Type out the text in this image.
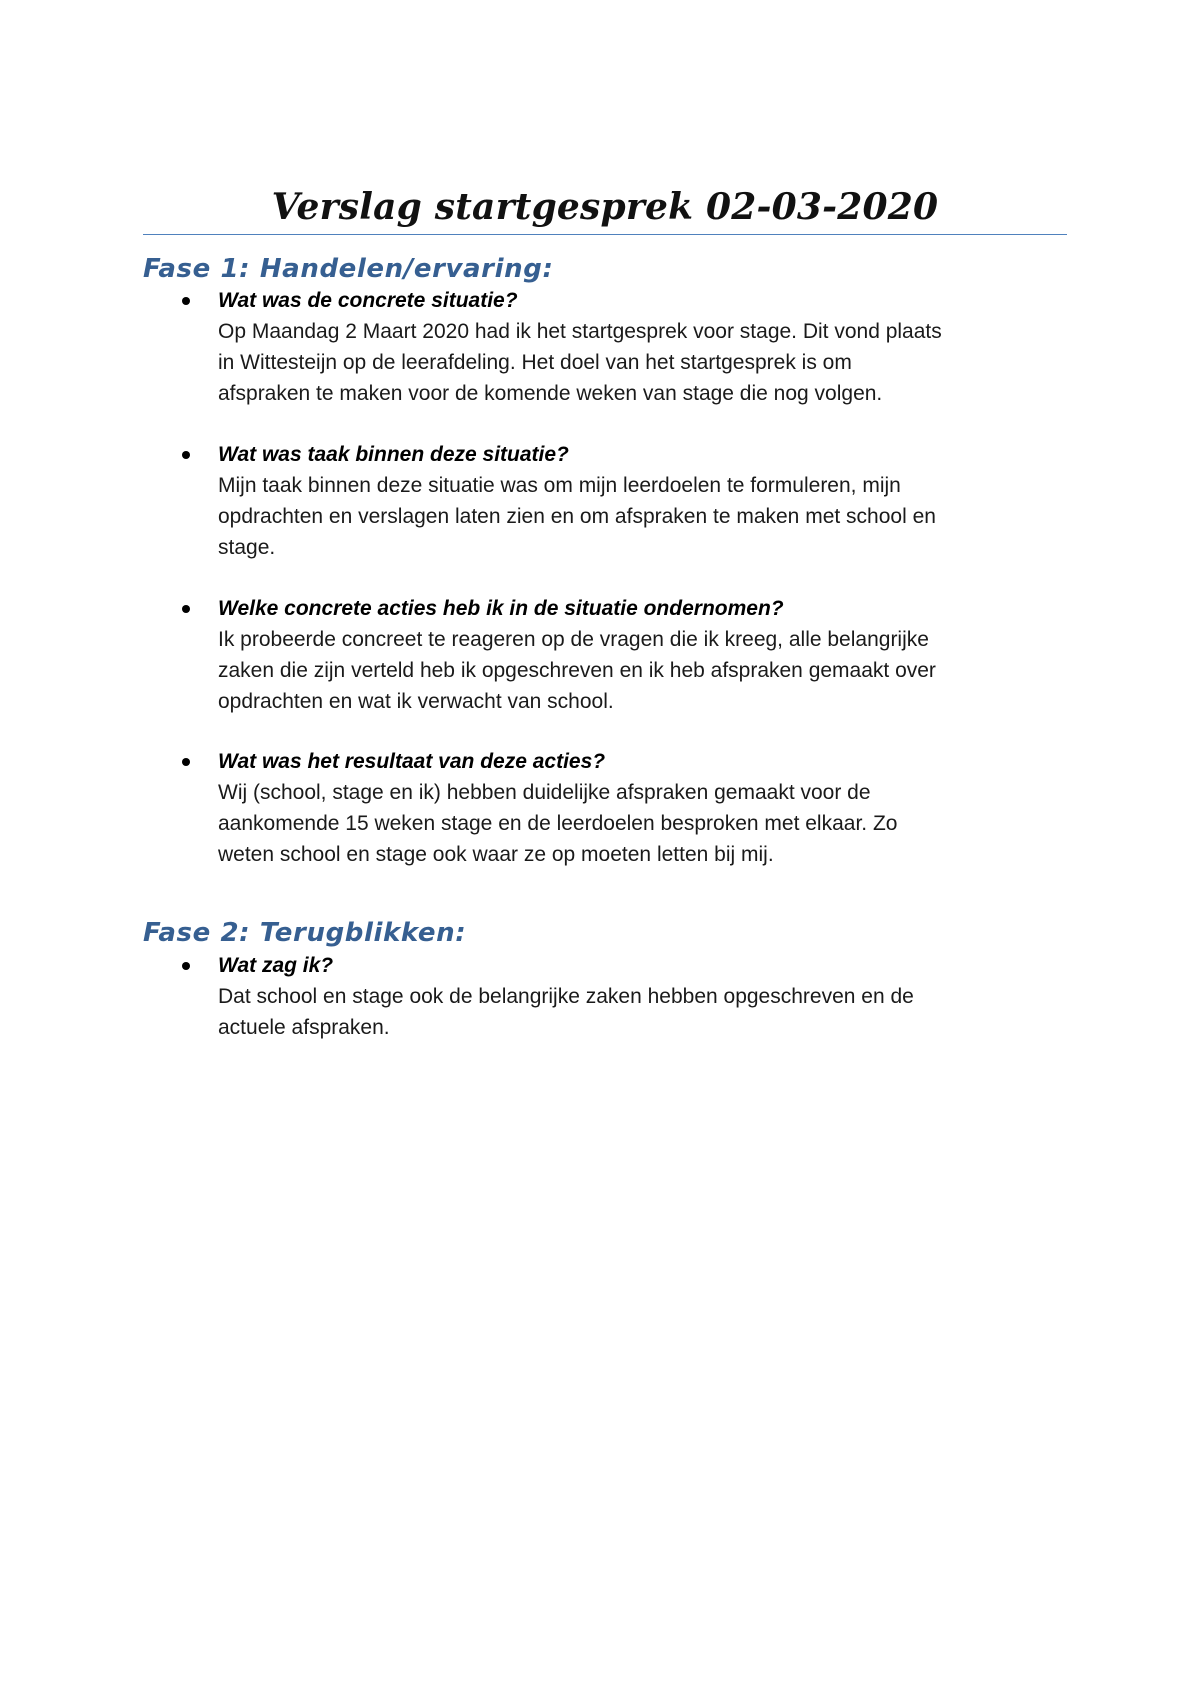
Verslag startgesprek 02-03-2020
Fase 1: Handelen/ervaring:
Wat was de concrete situatie?
Op Maandag 2 Maart 2020 had ik het startgesprek voor stage. Dit vond plaats
in Wittesteijn op de leerafdeling. Het doel van het startgesprek is om
afspraken te maken voor de komende weken van stage die nog volgen.
Wat was taak binnen deze situatie?
Mijn taak binnen deze situatie was om mijn leerdoelen te formuleren, mijn
opdrachten en verslagen laten zien en om afspraken te maken met school en
stage.
Welke concrete acties heb ik in de situatie ondernomen?
Ik probeerde concreet te reageren op de vragen die ik kreeg, alle belangrijke
zaken die zijn verteld heb ik opgeschreven en ik heb afspraken gemaakt over
opdrachten en wat ik verwacht van school.
Wat was het resultaat van deze acties?
Wij (school, stage en ik) hebben duidelijke afspraken gemaakt voor de
aankomende 15 weken stage en de leerdoelen besproken met elkaar. Zo
weten school en stage ook waar ze op moeten letten bij mij.
Fase 2: Terugblikken:
Wat zag ik?
Dat school en stage ook de belangrijke zaken hebben opgeschreven en de
actuele afspraken.
